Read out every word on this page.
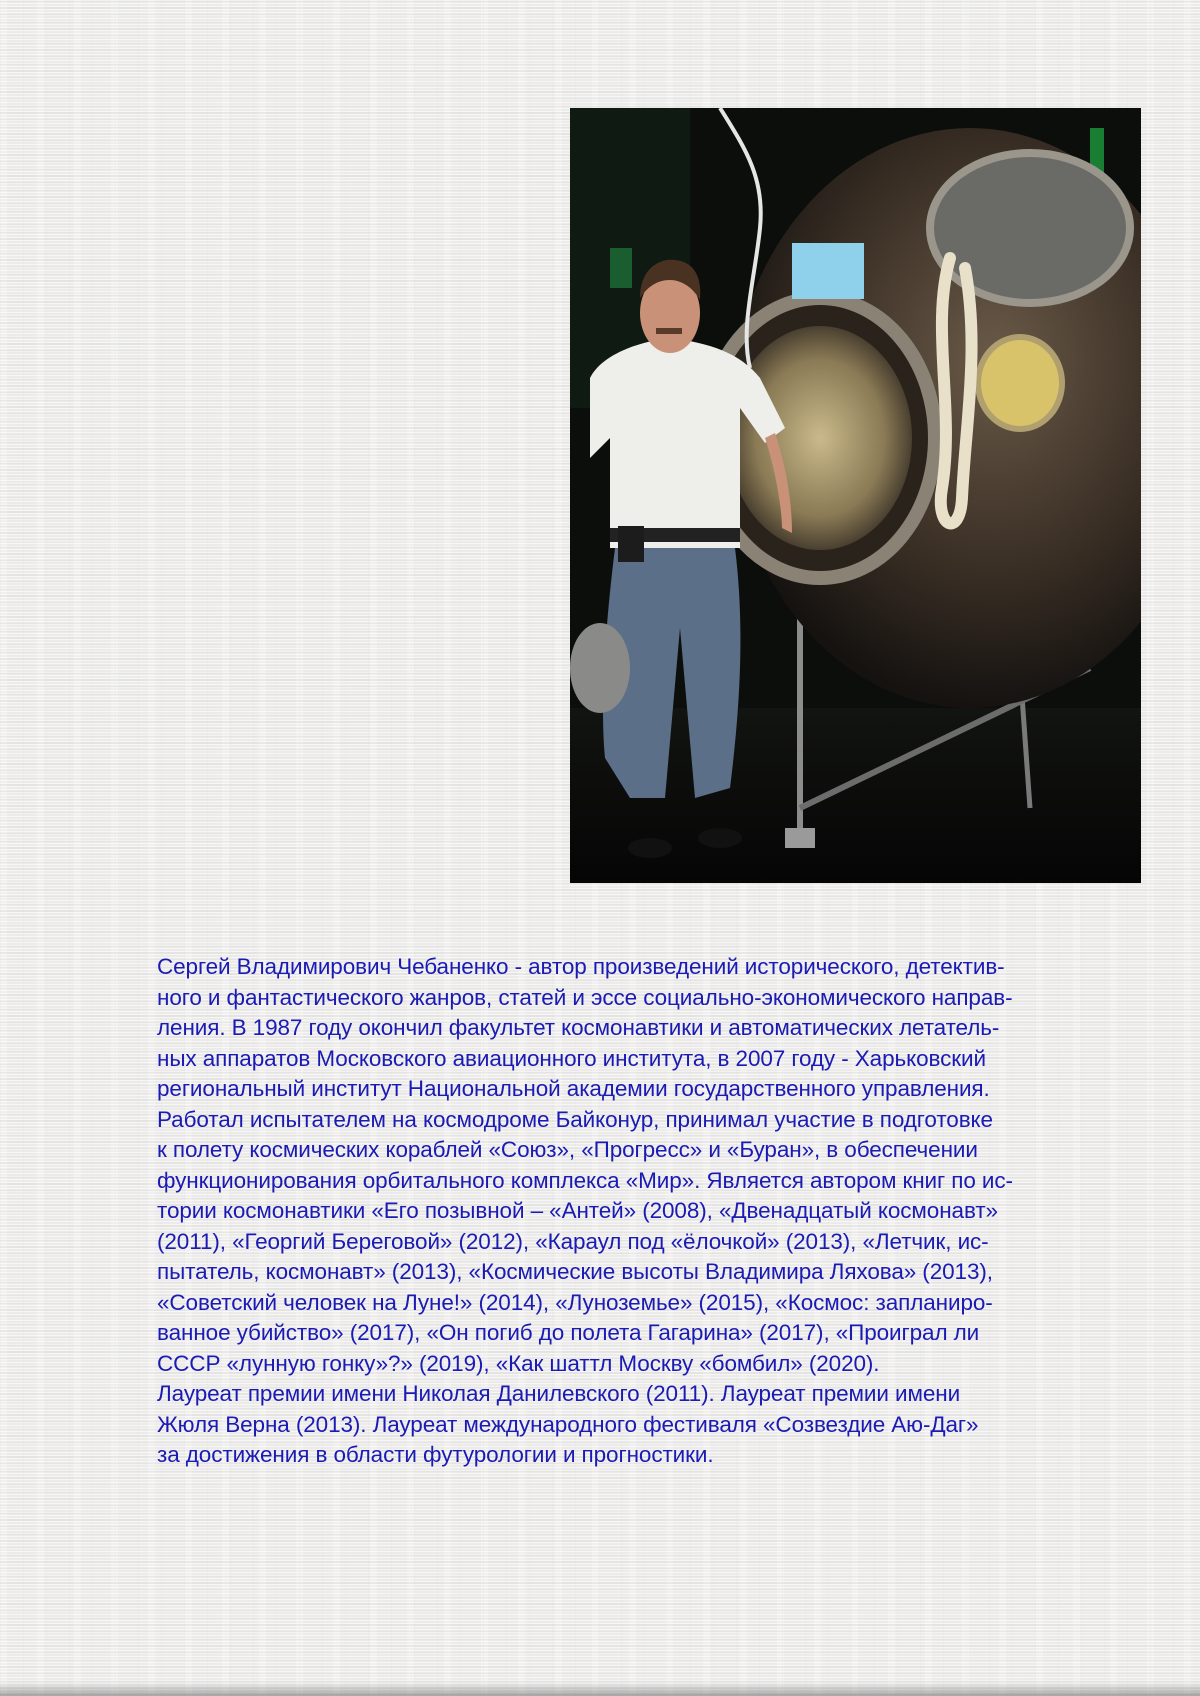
Сергей Владимирович Чебаненко - автор произведений исторического, детектив-
ного и фантастического жанров, статей и эссе социально-экономического направ-
ления. В 1987 году окончил факультет космонавтики и автоматических летатель-
ных аппаратов Московского авиационного института, в 2007 году - Харьковский
региональный институт Национальной академии государственного управления.
Работал испытателем на космодроме Байконур, принимал участие в подготовке
к полету космических кораблей «Союз», «Прогресс» и «Буран», в обеспечении
функционирования орбитального комплекса «Мир». Является автором книг по ис-
тории космонавтики «Его позывной – «Антей» (2008), «Двенадцатый космонавт»
(2011), «Георгий Береговой» (2012), «Караул под «ёлочкой» (2013), «Летчик, ис-
пытатель, космонавт» (2013), «Космические высоты Владимира Ляхова» (2013),
«Советский человек на Луне!» (2014), «Луноземье» (2015), «Космос: запланиро-
ванное убийство» (2017), «Он погиб до полета Гагарина» (2017), «Проиграл ли
СССР «лунную гонку»?» (2019), «Как шаттл Москву «бомбил» (2020).
Лауреат премии имени Николая Данилевского (2011). Лауреат премии имени
Жюля Верна (2013). Лауреат международного фестиваля «Созвездие Аю-Даг»
за достижения в области футурологии и прогностики.
